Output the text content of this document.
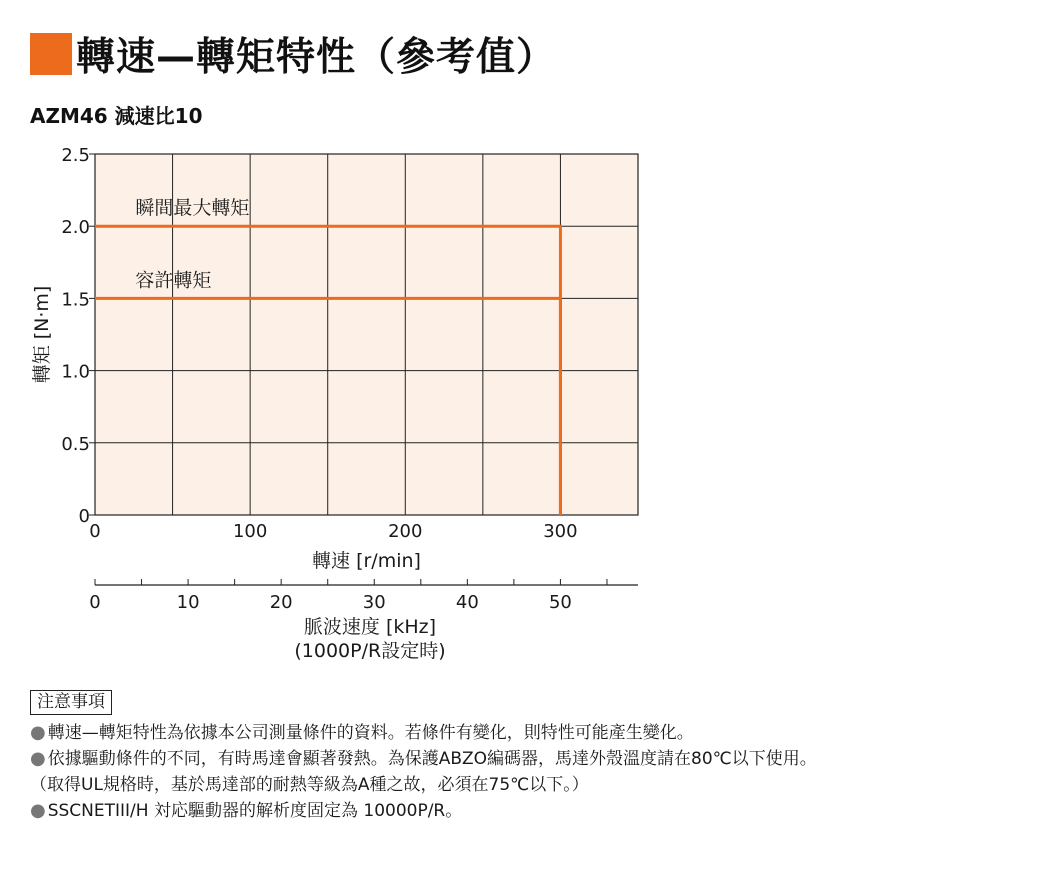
轉速—轉矩特性（參考值）
AZM46 減速比10
瞬間最大轉矩
容許轉矩
0
0.5
1.0
1.5
2.0
2.5
0	100	200	300
轉速 [r/min]
轉矩 [N·m]
0	10	20	30	40	50
脈波速度 [kHz]
(1000P/R設定時)
注意事項
● 轉速—轉矩特性為依據本公司測量條件的資料。若條件有變化，則特性可能產生變化。
● 依據驅動條件的不同，有時馬達會顯著發熱。為保護ABZO編碼器，馬達外殼溫度請在80℃以下使用。
（取得UL規格時，基於馬達部的耐熱等級為A種之故，必須在75℃以下。）
● SSCNETIII/H 対応驅動器的解析度固定為 10000P/R。
